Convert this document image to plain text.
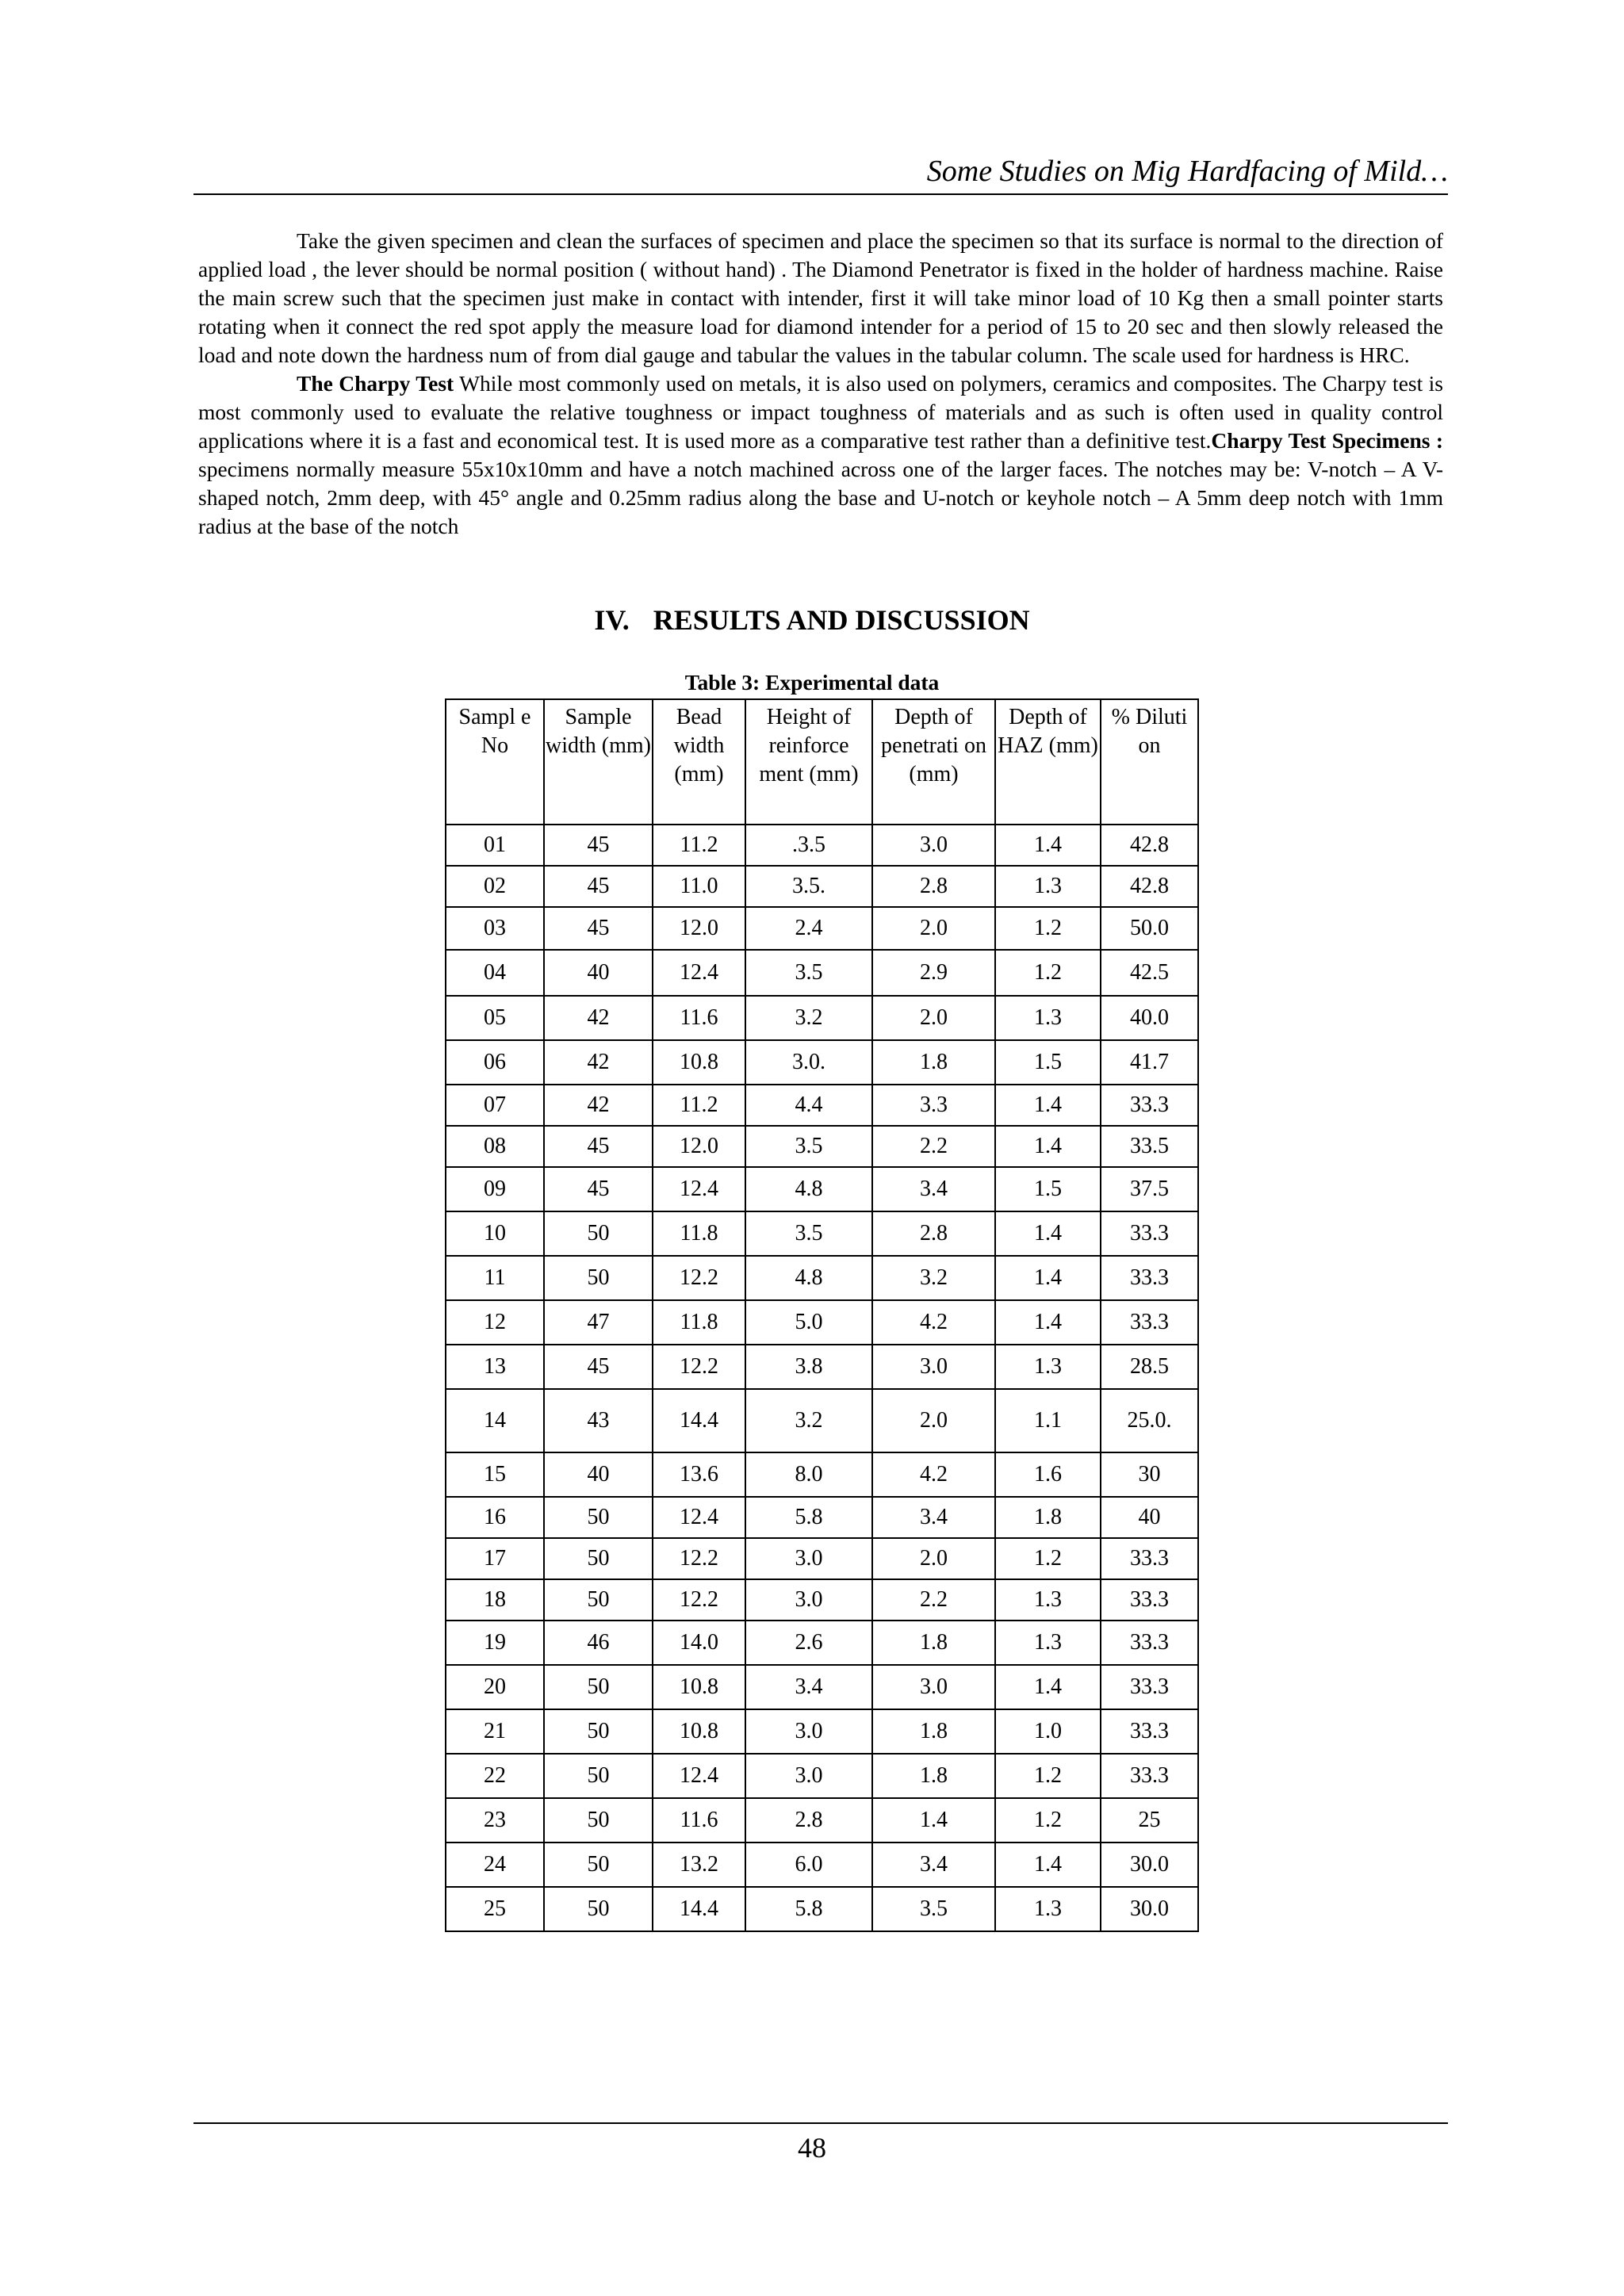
Some Studies on Mig Hardfacing of Mild…

Take the given specimen and clean the surfaces of specimen and place the specimen so that its surface is normal to the direction of applied load , the lever should be normal position ( without hand) . The Diamond Penetrator is fixed in the holder of hardness machine. Raise the main screw such that the specimen just make in contact with intender, first it will take minor load of 10 Kg then a small pointer starts rotating when it connect the red spot apply the measure load for diamond intender for a period of 15 to 20 sec and then slowly released the load and note down the hardness num of from dial gauge and tabular the values in the tabular column. The scale used for hardness is HRC.

The Charpy Test While most commonly used on metals, it is also used on polymers, ceramics and composites. The Charpy test is most commonly used to evaluate the relative toughness or impact toughness of materials and as such is often used in quality control applications where it is a fast and economical test. It is used more as a comparative test rather than a definitive test.Charpy Test Specimens : specimens normally measure 55x10x10mm and have a notch machined across one of the larger faces. The notches may be: V-notch – A V-shaped notch, 2mm deep, with 45° angle and 0.25mm radius along the base and U-notch or keyhole notch – A 5mm deep notch with 1mm radius at the base of the notch

IV. RESULTS AND DISCUSSION
Table 3: Experimental data
Sampl e No	Sample width (mm)	Bead width (mm)	Height of reinforce ment (mm)	Depth of penetrati on (mm)	Depth of HAZ (mm)	% Diluti on
01	45	11.2	.3.5	3.0	1.4	42.8
02	45	11.0	3.5.	2.8	1.3	42.8
03	45	12.0	2.4	2.0	1.2	50.0
04	40	12.4	3.5	2.9	1.2	42.5
05	42	11.6	3.2	2.0	1.3	40.0
06	42	10.8	3.0.	1.8	1.5	41.7
07	42	11.2	4.4	3.3	1.4	33.3
08	45	12.0	3.5	2.2	1.4	33.5
09	45	12.4	4.8	3.4	1.5	37.5
10	50	11.8	3.5	2.8	1.4	33.3
11	50	12.2	4.8	3.2	1.4	33.3
12	47	11.8	5.0	4.2	1.4	33.3
13	45	12.2	3.8	3.0	1.3	28.5
14	43	14.4	3.2	2.0	1.1	25.0.
15	40	13.6	8.0	4.2	1.6	30
16	50	12.4	5.8	3.4	1.8	40
17	50	12.2	3.0	2.0	1.2	33.3
18	50	12.2	3.0	2.2	1.3	33.3
19	46	14.0	2.6	1.8	1.3	33.3
20	50	10.8	3.4	3.0	1.4	33.3
21	50	10.8	3.0	1.8	1.0	33.3
22	50	12.4	3.0	1.8	1.2	33.3
23	50	11.6	2.8	1.4	1.2	25
24	50	13.2	6.0	3.4	1.4	30.0
25	50	14.4	5.8	3.5	1.3	30.0
48
